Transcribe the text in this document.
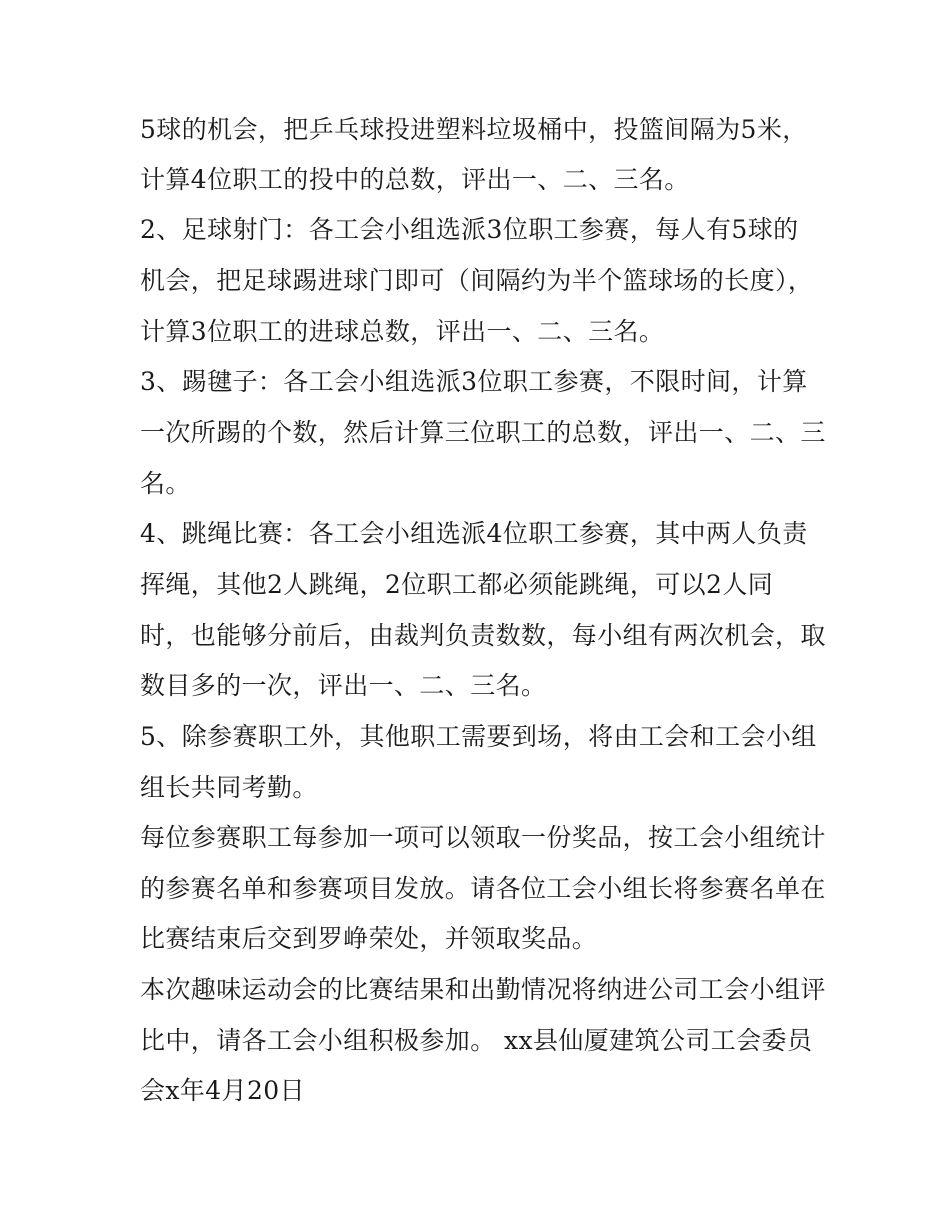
5球的机会，把乒乓球投进塑料垃圾桶中，投篮间隔为5米，
计算4位职工的投中的总数，评出一、二、三名。
2、足球射门：各工会小组选派3位职工参赛，每人有5球的
机会，把足球踢进球门即可（间隔约为半个篮球场的长度），
计算3位职工的进球总数，评出一、二、三名。
3、踢毽子：各工会小组选派3位职工参赛，不限时间，计算
一次所踢的个数，然后计算三位职工的总数，评出一、二、三
名。
4、跳绳比赛：各工会小组选派4位职工参赛，其中两人负责
挥绳，其他2人跳绳，2位职工都必须能跳绳，可以2人同
时，也能够分前后，由裁判负责数数，每小组有两次机会，取
数目多的一次，评出一、二、三名。
5、除参赛职工外，其他职工需要到场，将由工会和工会小组
组长共同考勤。
每位参赛职工每参加一项可以领取一份奖品，按工会小组统计
的参赛名单和参赛项目发放。请各位工会小组长将参赛名单在
比赛结束后交到罗峥荣处，并领取奖品。
本次趣味运动会的比赛结果和出勤情况将纳进公司工会小组评
比中，请各工会小组积极参加。 xx县仙厦建筑公司工会委员
会x年4月20日
